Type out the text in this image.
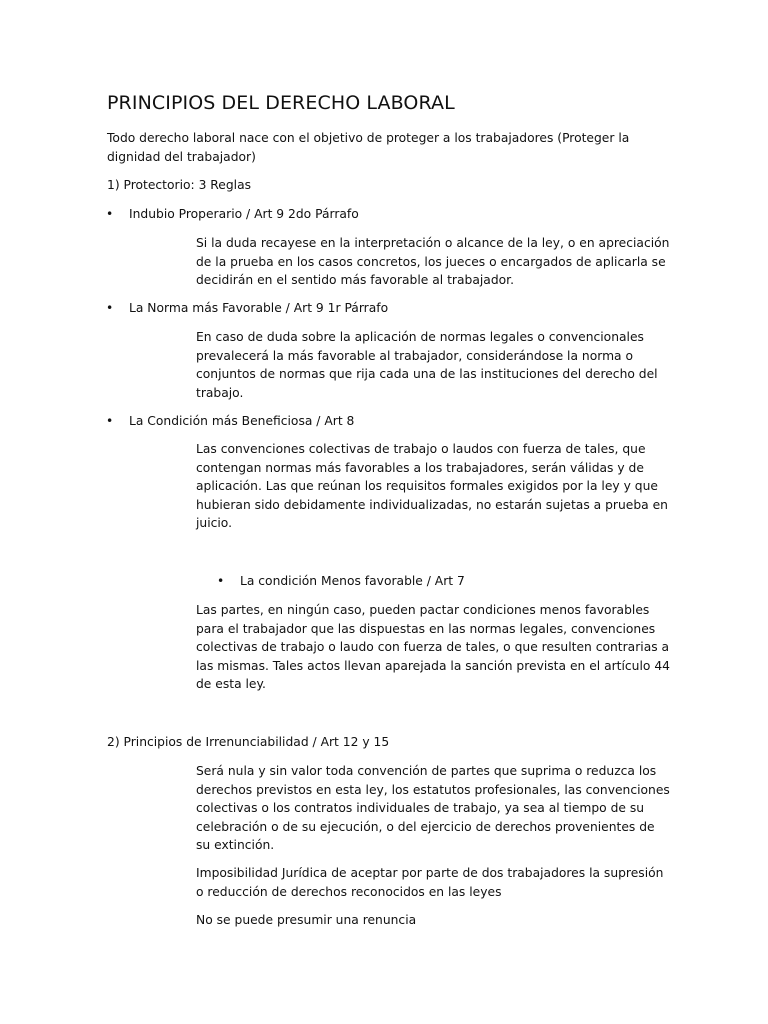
PRINCIPIOS DEL DERECHO LABORAL

Todo derecho laboral nace con el objetivo de proteger a los trabajadores (Proteger la dignidad del trabajador)

1) Protectorio: 3 Reglas

• Indubio Properario / Art 9 2do Párrafo

Si la duda recayese en la interpretación o alcance de la ley, o en apreciación de la prueba en los casos concretos, los jueces o encargados de aplicarla se decidirán en el sentido más favorable al trabajador.

• La Norma más Favorable / Art 9 1r Párrafo

En caso de duda sobre la aplicación de normas legales o convencionales prevalecerá la más favorable al trabajador, considerándose la norma o conjuntos de normas que rija cada una de las instituciones del derecho del trabajo.

• La Condición más Beneficiosa / Art 8

Las convenciones colectivas de trabajo o laudos con fuerza de tales, que contengan normas más favorables a los trabajadores, serán válidas y de aplicación. Las que reúnan los requisitos formales exigidos por la ley y que hubieran sido debidamente individualizadas, no estarán sujetas a prueba en juicio.

• La condición Menos favorable / Art 7

Las partes, en ningún caso, pueden pactar condiciones menos favorables para el trabajador que las dispuestas en las normas legales, convenciones colectivas de trabajo o laudo con fuerza de tales, o que resulten contrarias a las mismas. Tales actos llevan aparejada la sanción prevista en el artículo 44 de esta ley.

2) Principios de Irrenunciabilidad / Art 12 y 15

Será nula y sin valor toda convención de partes que suprima o reduzca los derechos previstos en esta ley, los estatutos profesionales, las convenciones colectivas o los contratos individuales de trabajo, ya sea al tiempo de su celebración o de su ejecución, o del ejercicio de derechos provenientes de su extinción.

Imposibilidad Jurídica de aceptar por parte de dos trabajadores la supresión o reducción de derechos reconocidos en las leyes

No se puede presumir una renuncia
